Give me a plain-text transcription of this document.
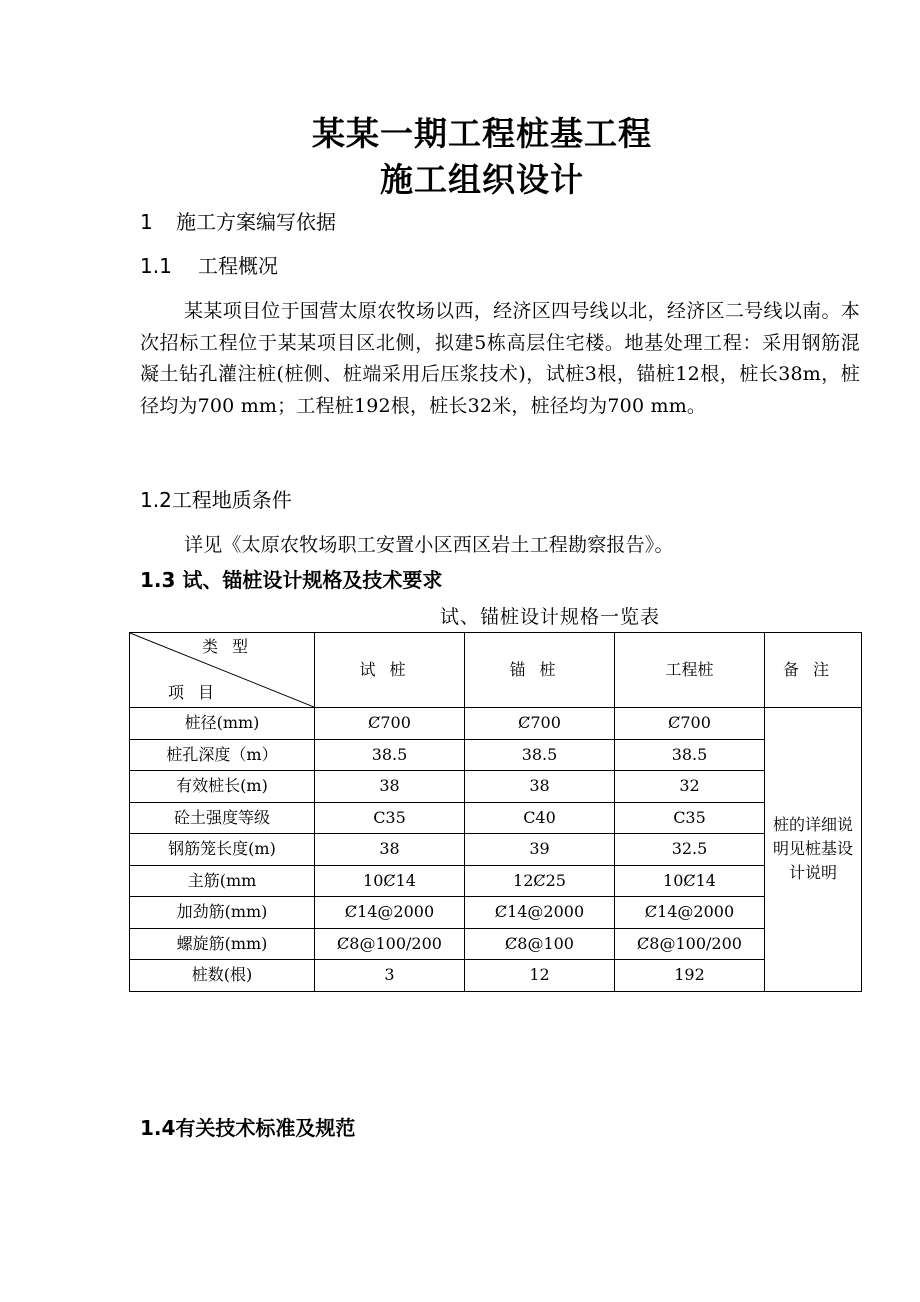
某某一期工程桩基工程
施工组织设计
1 施工方案编写依据
1.1 工程概况
某某项目位于国营太原农牧场以西，经济区四号线以北，经济区二号线以南。本次招标工程位于某某项目区北侧，拟建5栋高层住宅楼。地基处理工程：采用钢筋混凝土钻孔灌注桩(桩侧、桩端采用后压浆技术)，试桩3根，锚桩12根，桩长38m，桩径均为700 mm；工程桩192根，桩长32米，桩径均为700 mm。
1.2工程地质条件
详见《太原农牧场职工安置小区西区岩土工程勘察报告》。
1.3 试、锚桩设计规格及技术要求
试、锚桩设计规格一览表
类型
项目	试桩	锚桩	工程桩	备注
桩径(mm)	Ȼ700	Ȼ700	Ȼ700	桩的详细说明见桩基设计说明
桩孔深度（m）	38.5	38.5	38.5	
有效桩长(m)	38	38	32	
砼土强度等级	C35	C40	C35	
钢筋笼长度(m)	38	39	32.5	
主筋(mm	10Ȼ14	12Ȼ25	10Ȼ14	
加劲筋(mm)	Ȼ14@2000	Ȼ14@2000	Ȼ14@2000	
螺旋筋(mm)	Ȼ8@100/200	Ȼ8@100	Ȼ8@100/200	
桩数(根)	3	12	192	
1.4有关技术标准及规范
